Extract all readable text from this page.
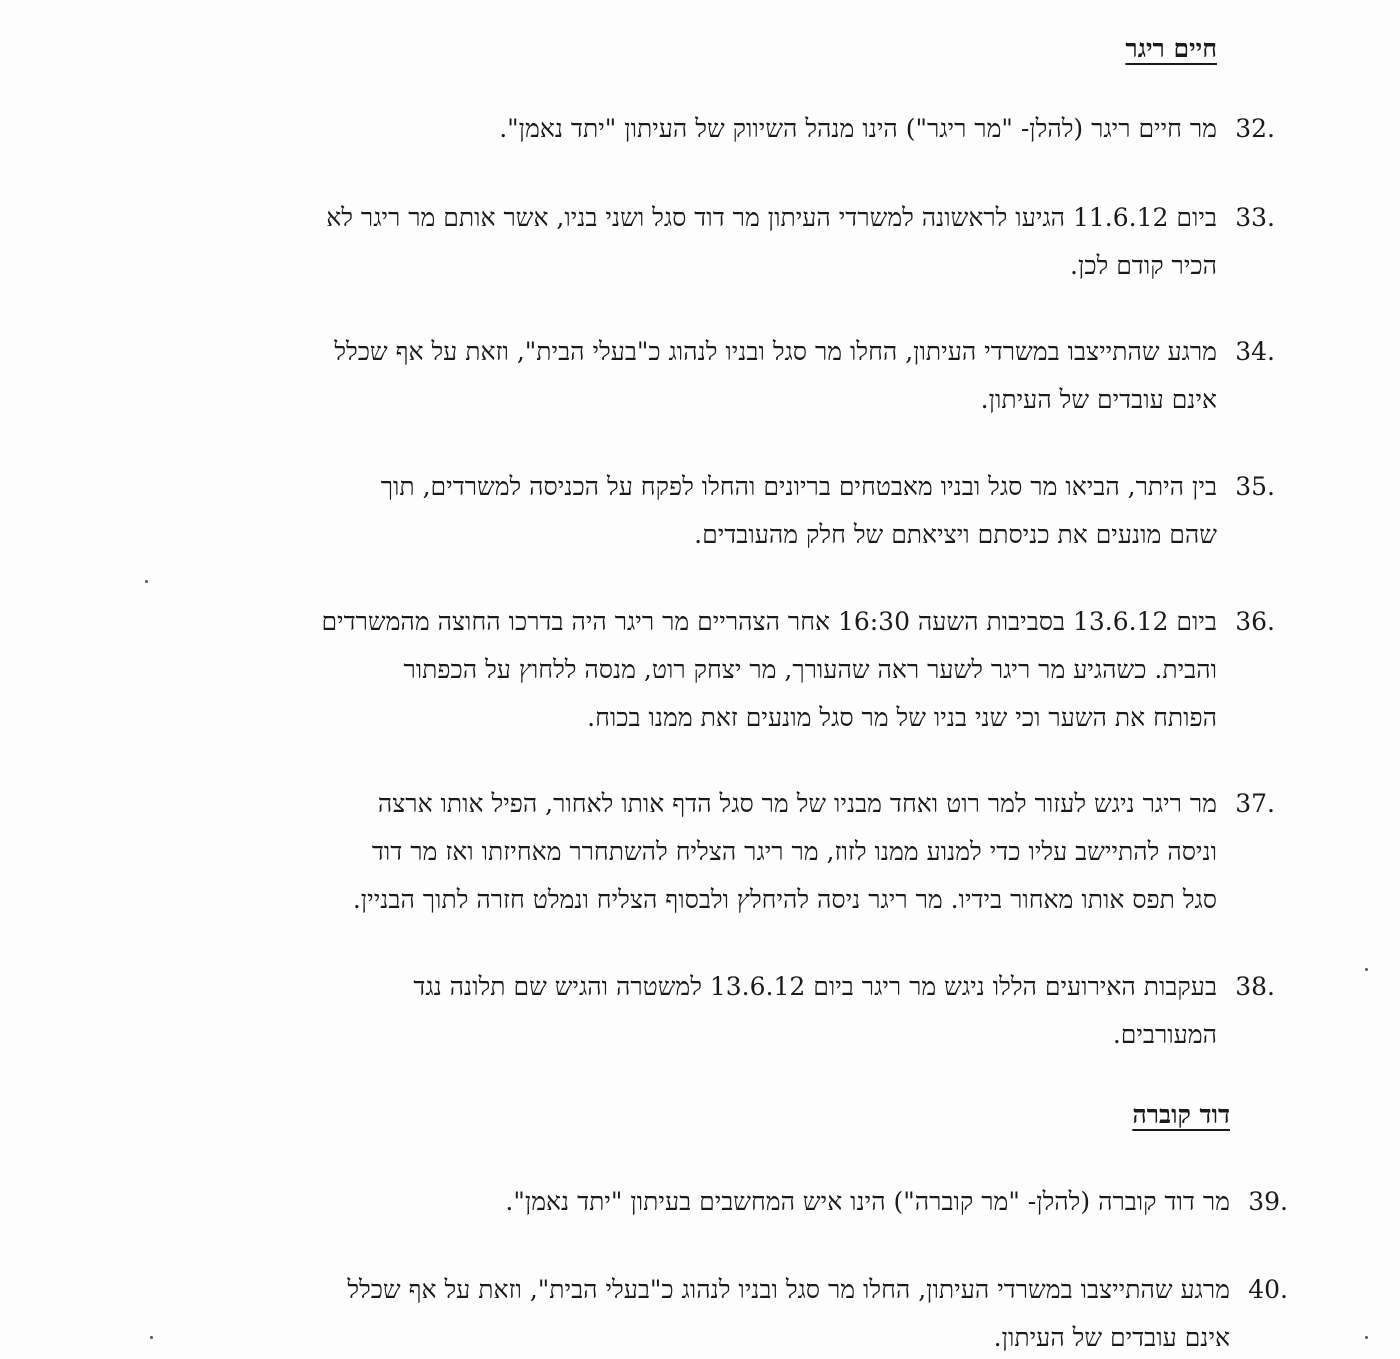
חיים ריגר
32.
מר חיים ריגר (להלן- "מר ריגר") הינו מנהל השיווק של העיתון "יתד נאמן".
33.
ביום 11.6.12 הגיעו לראשונה למשרדי העיתון מר דוד סגל ושני בניו, אשר אותם מר ריגר לא
הכיר קודם לכן.
34.
מרגע שהתייצבו במשרדי העיתון, החלו מר סגל ובניו לנהוג כ"בעלי הבית", וזאת על אף שכלל
אינם עובדים של העיתון.
35.
בין היתר, הביאו מר סגל ובניו מאבטחים בריונים והחלו לפקח על הכניסה למשרדים, תוך
שהם מונעים את כניסתם ויציאתם של חלק מהעובדים.
36.
ביום 13.6.12 בסביבות השעה 16:30 אחר הצהריים מר ריגר היה בדרכו החוצה מהמשרדים
והבית. כשהגיע מר ריגר לשער ראה שהעורך, מר יצחק רוט, מנסה ללחוץ על הכפתור
הפותח את השער וכי שני בניו של מר סגל מונעים זאת ממנו בכוח.
37.
מר ריגר ניגש לעזור למר רוט ואחד מבניו של מר סגל הדף אותו לאחור, הפיל אותו ארצה
וניסה להתיישב עליו כדי למנוע ממנו לזוז, מר ריגר הצליח להשתחרר מאחיזתו ואז מר דוד
סגל תפס אותו מאחור בידיו. מר ריגר ניסה להיחלץ ולבסוף הצליח ונמלט חזרה לתוך הבניין.
38.
בעקבות האירועים הללו ניגש מר ריגר ביום 13.6.12 למשטרה והגיש שם תלונה נגד
המעורבים.
דוד קוברה
39.
מר דוד קוברה (להלן- "מר קוברה") הינו איש המחשבים בעיתון "יתד נאמן".
40.
מרגע שהתייצבו במשרדי העיתון, החלו מר סגל ובניו לנהוג כ"בעלי הבית", וזאת על אף שכלל
אינם עובדים של העיתון.
